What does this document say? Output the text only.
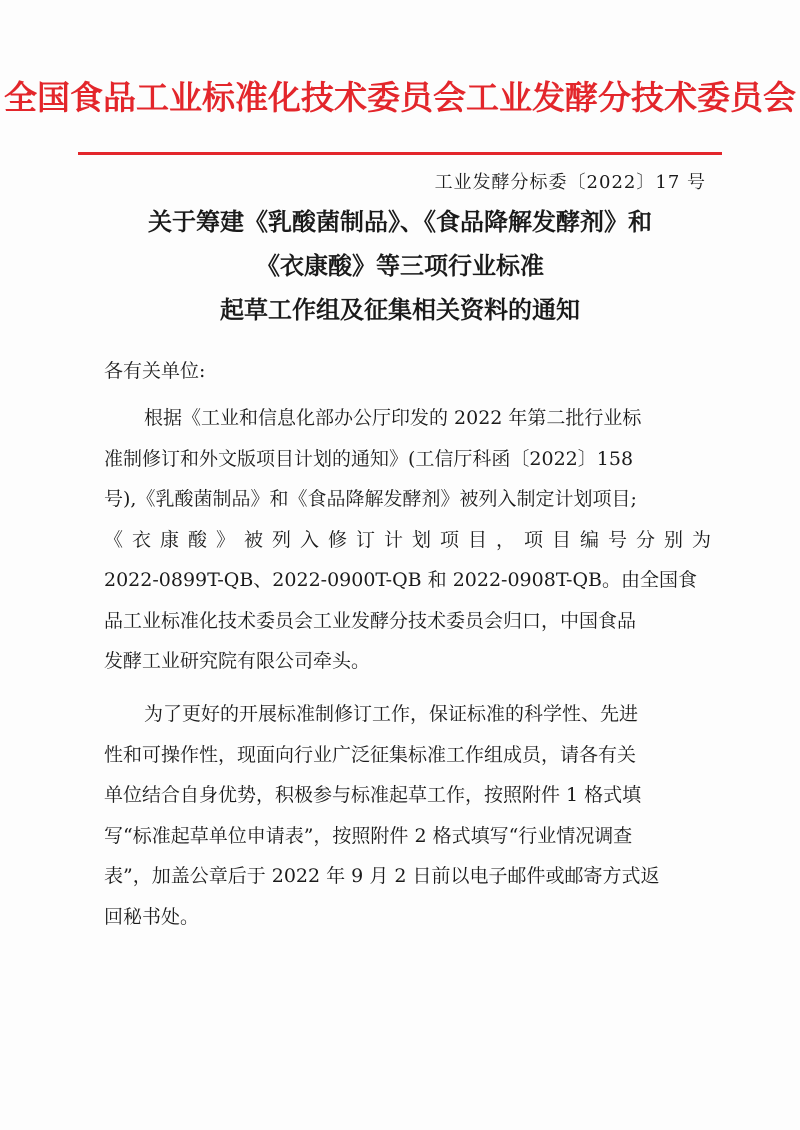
全国食品工业标准化技术委员会工业发酵分技术委员会
工业发酵分标委〔2022〕17 号
关于筹建《乳酸菌制品》、《食品降解发酵剂》和
《衣康酸》等三项行业标准
起草工作组及征集相关资料的通知
各有关单位:
根据《工业和信息化部办公厅印发的 2022 年第二批行业标
准制修订和外文版项目计划的通知》(工信厅科函〔2022〕158
号),《乳酸菌制品》和《食品降解发酵剂》被列入制定计划项目;
《衣康酸》被列入修订计划项目，项目编号分别为
2022-0899T-QB、2022-0900T-QB 和 2022-0908T-QB。由全国食
品工业标准化技术委员会工业发酵分技术委员会归口，中国食品
发酵工业研究院有限公司牵头。
为了更好的开展标准制修订工作，保证标准的科学性、先进
性和可操作性，现面向行业广泛征集标准工作组成员，请各有关
单位结合自身优势，积极参与标准起草工作，按照附件 1 格式填
写“标准起草单位申请表”，按照附件 2 格式填写“行业情况调查
表”，加盖公章后于 2022 年 9 月 2 日前以电子邮件或邮寄方式返
回秘书处。
